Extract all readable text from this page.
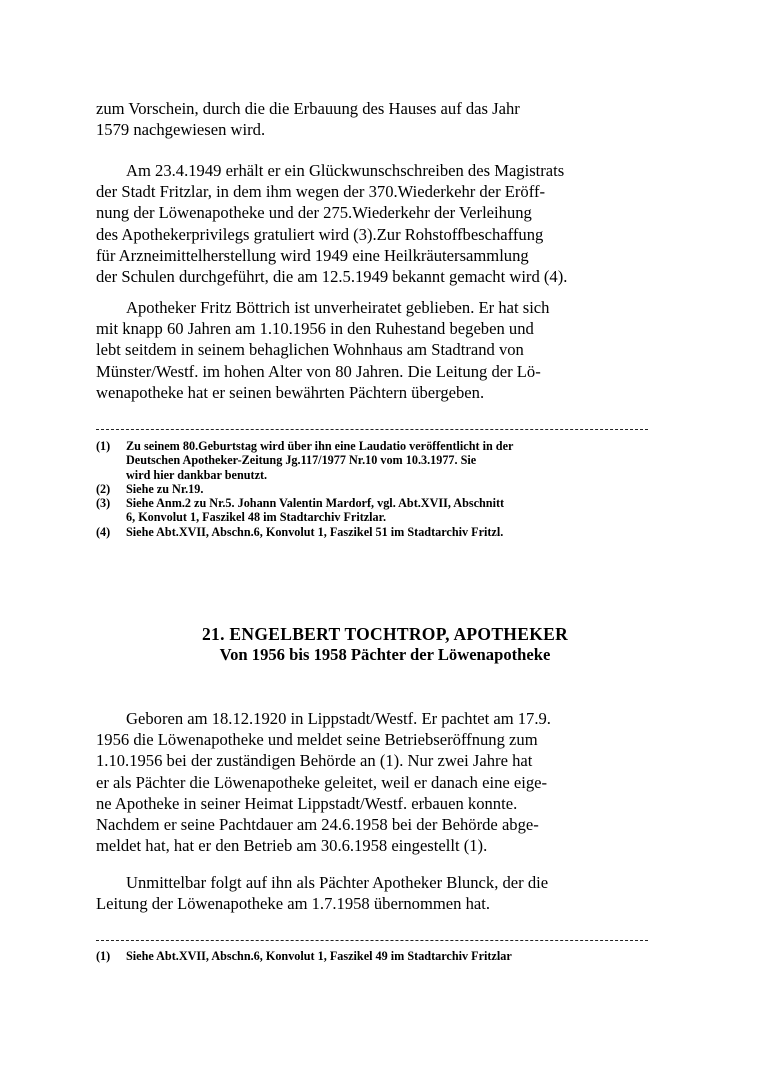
zum Vorschein, durch die die Erbauung des Hauses auf das Jahr
1579 nachgewiesen wird.

Am 23.4.1949 erhält er ein Glückwunschschreiben des Magistrats
der Stadt Fritzlar, in dem ihm wegen der 370.Wiederkehr der Eröff-
nung der Löwenapotheke und der 275.Wiederkehr der Verleihung
des Apothekerprivilegs gratuliert wird (3).Zur Rohstoffbeschaffung
für Arzneimittelherstellung wird 1949 eine Heilkräutersammlung
der Schulen durchgeführt, die am 12.5.1949 bekannt gemacht wird (4).

Apotheker Fritz Böttrich ist unverheiratet geblieben. Er hat sich
mit knapp 60 Jahren am 1.10.1956 in den Ruhestand begeben und
lebt seitdem in seinem behaglichen Wohnhaus am Stadtrand von
Münster/Westf. im hohen Alter von 80 Jahren. Die Leitung der Lö-
wenapotheke hat er seinen bewährten Pächtern übergeben.

(1)	Zu seinem 80.Geburtstag wird über ihn eine Laudatio veröffentlicht in der
Deutschen Apotheker-Zeitung Jg.117/1977 Nr.10 vom 10.3.1977. Sie
wird hier dankbar benutzt.
(2)	Siehe zu Nr.19.
(3)	Siehe Anm.2 zu Nr.5. Johann Valentin Mardorf, vgl. Abt.XVII, Abschnitt
6, Konvolut 1, Faszikel 48 im Stadtarchiv Fritzlar.
(4)	Siehe Abt.XVII, Abschn.6, Konvolut 1, Faszikel 51 im Stadtarchiv Fritzl.
21. ENGELBERT TOCHTROP, APOTHEKER
Von 1956 bis 1958 Pächter der Löwenapotheke

Geboren am 18.12.1920 in Lippstadt/Westf. Er pachtet am 17.9.
1956 die Löwenapotheke und meldet seine Betriebseröffnung zum
1.10.1956 bei der zuständigen Behörde an (1). Nur zwei Jahre hat
er als Pächter die Löwenapotheke geleitet, weil er danach eine eige-
ne Apotheke in seiner Heimat Lippstadt/Westf. erbauen konnte.
Nachdem er seine Pachtdauer am 24.6.1958 bei der Behörde abge-
meldet hat, hat er den Betrieb am 30.6.1958 eingestellt (1).

Unmittelbar folgt auf ihn als Pächter Apotheker Blunck, der die
Leitung der Löwenapotheke am 1.7.1958 übernommen hat.

(1)	Siehe Abt.XVII, Abschn.6, Konvolut 1, Faszikel 49 im Stadtarchiv Fritzlar
